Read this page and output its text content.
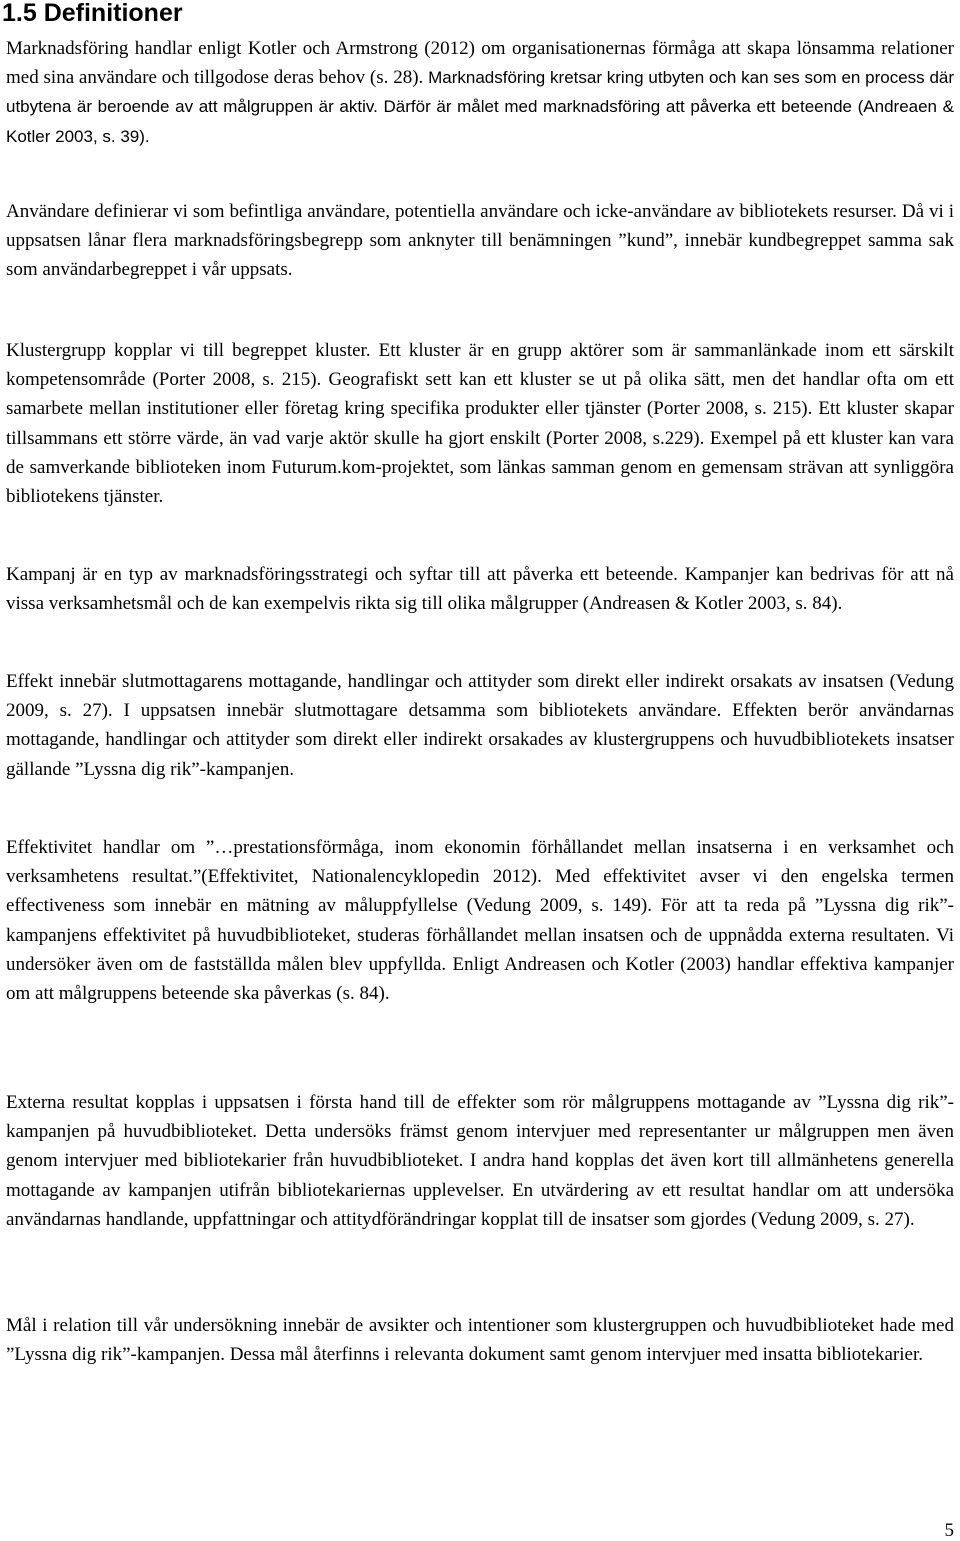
1.5 Definitioner

Marknadsföring handlar enligt Kotler och Armstrong (2012) om organisationernas förmåga att skapa lönsamma relationer med sina användare och tillgodose deras behov (s. 28). Marknadsföring kretsar kring utbyten och kan ses som en process där utbytena är beroende av att målgruppen är aktiv. Därför är målet med marknadsföring att påverka ett beteende (Andreaen & Kotler 2003, s. 39).

Användare definierar vi som befintliga användare, potentiella användare och icke-användare av bibliotekets resurser. Då vi i uppsatsen lånar flera marknadsföringsbegrepp som anknyter till benämningen ”kund”, innebär kundbegreppet samma sak som användarbegreppet i vår uppsats.

Klustergrupp kopplar vi till begreppet kluster. Ett kluster är en grupp aktörer som är sammanlänkade inom ett särskilt kompetensområde (Porter 2008, s. 215). Geografiskt sett kan ett kluster se ut på olika sätt, men det handlar ofta om ett samarbete mellan institutioner eller företag kring specifika produkter eller tjänster (Porter 2008, s. 215). Ett kluster skapar tillsammans ett större värde, än vad varje aktör skulle ha gjort enskilt (Porter 2008, s.229). Exempel på ett kluster kan vara de samverkande biblioteken inom Futurum.kom-projektet, som länkas samman genom en gemensam strävan att synliggöra bibliotekens tjänster.

Kampanj är en typ av marknadsföringsstrategi och syftar till att påverka ett beteende. Kampanjer kan bedrivas för att nå vissa verksamhetsmål och de kan exempelvis rikta sig till olika målgrupper (Andreasen & Kotler 2003, s. 84).

Effekt innebär slutmottagarens mottagande, handlingar och attityder som direkt eller indirekt orsakats av insatsen (Vedung 2009, s. 27). I uppsatsen innebär slutmottagare detsamma som bibliotekets användare. Effekten berör användarnas mottagande, handlingar och attityder som direkt eller indirekt orsakades av klustergruppens och huvudbibliotekets insatser gällande ”Lyssna dig rik”-kampanjen.

Effektivitet handlar om ”…prestationsförmåga, inom ekonomin förhållandet mellan insatserna i en verksamhet och verksamhetens resultat.”(Effektivitet, Nationalencyklopedin 2012). Med effektivitet avser vi den engelska termen effectiveness som innebär en mätning av måluppfyllelse (Vedung 2009, s. 149). För att ta reda på ”Lyssna dig rik”-kampanjens effektivitet på huvudbiblioteket, studeras förhållandet mellan insatsen och de uppnådda externa resultaten. Vi undersöker även om de fastställda målen blev uppfyllda. Enligt Andreasen och Kotler (2003) handlar effektiva kampanjer om att målgruppens beteende ska påverkas (s. 84).

Externa resultat kopplas i uppsatsen i första hand till de effekter som rör målgruppens mottagande av ”Lyssna dig rik”-kampanjen på huvudbiblioteket. Detta undersöks främst genom intervjuer med representanter ur målgruppen men även genom intervjuer med bibliotekarier från huvudbiblioteket. I andra hand kopplas det även kort till allmänhetens generella mottagande av kampanjen utifrån bibliotekariernas upplevelser. En utvärdering av ett resultat handlar om att undersöka användarnas handlande, uppfattningar och attitydförändringar kopplat till de insatser som gjordes (Vedung 2009, s. 27).

Mål i relation till vår undersökning innebär de avsikter och intentioner som klustergruppen och huvudbiblioteket hade med ”Lyssna dig rik”-kampanjen. Dessa mål återfinns i relevanta dokument samt genom intervjuer med insatta bibliotekarier.

5
